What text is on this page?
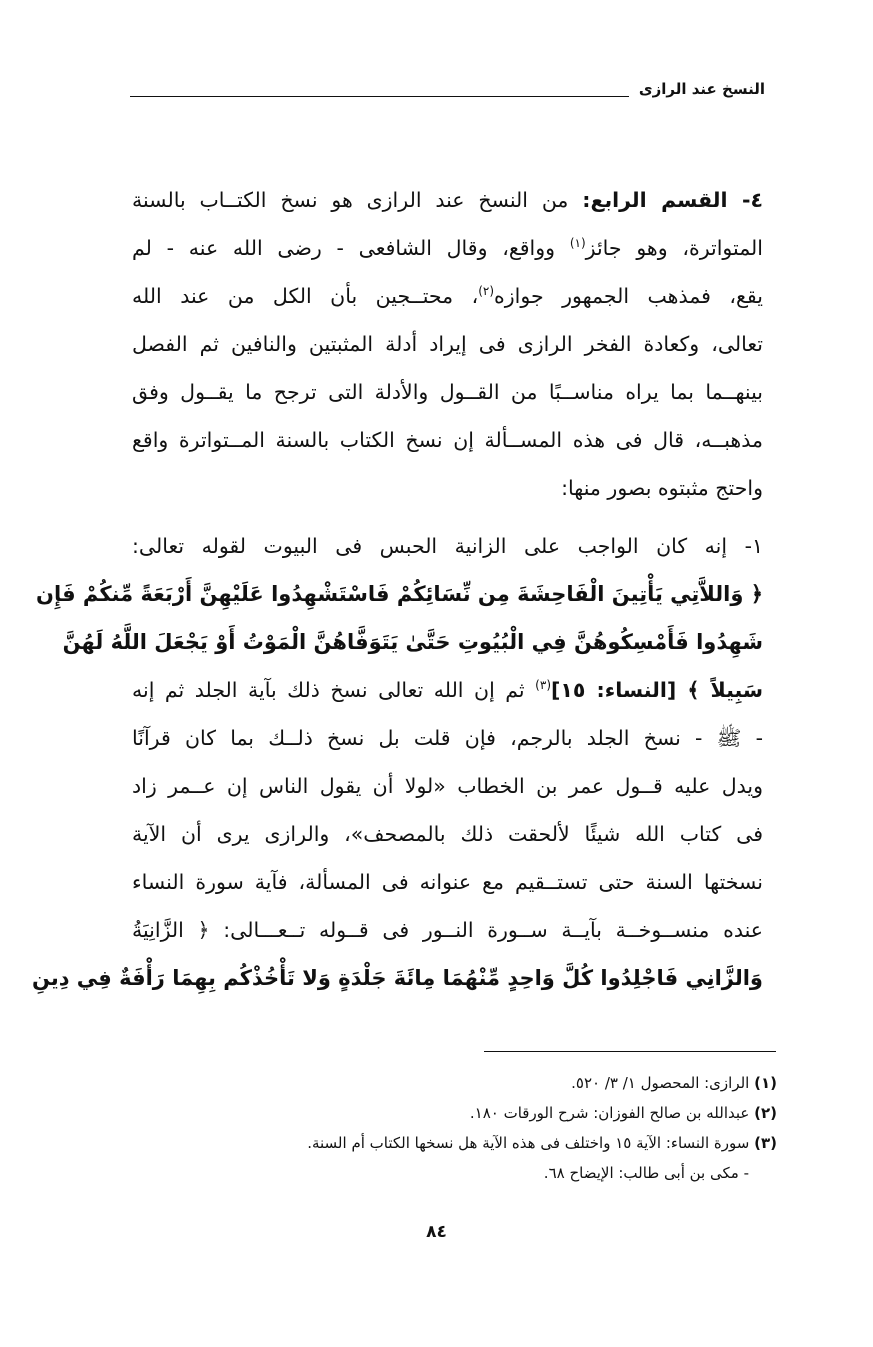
النسخ عند الرازى
٤- القسم الرابع: من النسخ عند الرازى هو نسخ الكتــاب بالسنة
المتواترة، وهو جائز$^{(١)}$ وواقع، وقال الشافعى - رضى الله عنه - لم
يقع، فمذهب الجمهور جوازه$^{(٢)}$، محتــجين بأن الكل من عند الله
تعالى، وكعادة الفخر الرازى فى إيراد أدلة المثبتين والنافين ثم الفصل
بينهــما بما يراه مناســبًا من القــول والأدلة التى ترجح ما يقــول وفق
مذهبــه، قال فى هذه المســألة إن نسخ الكتاب بالسنة المــتواترة واقع
واحتج مثبتوه بصور منها:
١- إنه كان الواجب على الزانية الحبس فى البيوت لقوله تعالى:
﴿ وَاللاَّتِي يَأْتِينَ الْفَاحِشَةَ مِن نِّسَائِكُمْ فَاسْتَشْهِدُوا عَلَيْهِنَّ أَرْبَعَةً مِّنكُمْ فَإِن
شَهِدُوا فَأَمْسِكُوهُنَّ فِي الْبُيُوتِ حَتَّىٰ يَتَوَفَّاهُنَّ الْمَوْتُ أَوْ يَجْعَلَ اللَّهُ لَهُنَّ
سَبِيلاً ﴾ [النساء: ١٥]$^{(٣)}$ ثم إن الله تعالى نسخ ذلك بآية الجلد ثم إنه
- ﷺ - نسخ الجلد بالرجم، فإن قلت بل نسخ ذلــك بما كان قرآنًا
ويدل عليه قــول عمر بن الخطاب «لولا أن يقول الناس إن عــمر زاد
فى كتاب الله شيئًا لألحقت ذلك بالمصحف»، والرازى يرى أن الآية
نسختها السنة حتى تستــقيم مع عنوانه فى المسألة، فآية سورة النساء
عنده منســوخــة بآيــة ســورة النــور فى قــوله تــعـــالى: ﴿ الزَّانِيَةُ
وَالزَّانِي فَاجْلِدُوا كُلَّ وَاحِدٍ مِّنْهُمَا مِائَةَ جَلْدَةٍ وَلا تَأْخُذْكُم بِهِمَا رَأْفَةٌ فِي دِينِ
(١) الرازى: المحصول ١/ ٣/ ٥٢٠.
(٢) عبدالله بن صالح الفوزان: شرح الورقات ١٨٠.
(٣) سورة النساء: الآية ١٥ واختلف فى هذه الآية هل نسخها الكتاب أم السنة.
- مكى بن أبى طالب: الإيضاح ٦٨.
٨٤
